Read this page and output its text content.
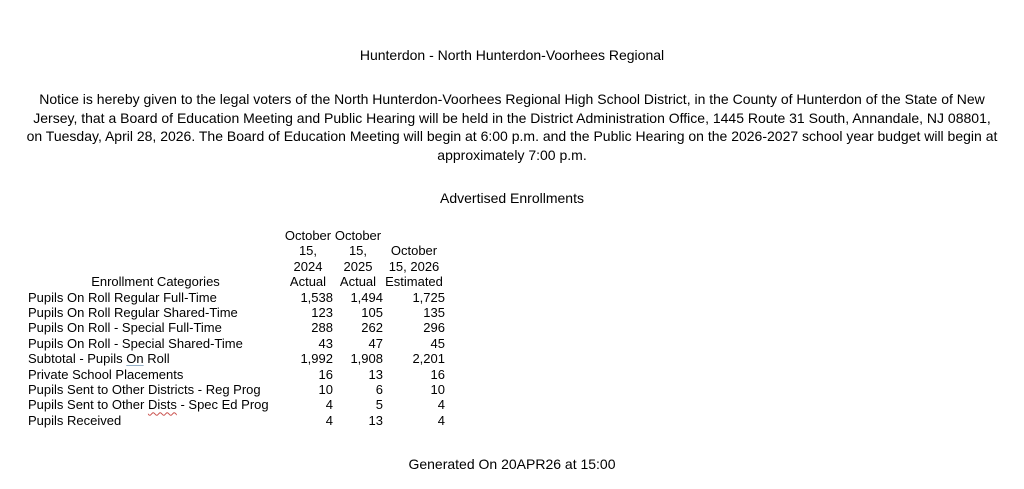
Hunterdon - North Hunterdon-Voorhees Regional

Notice is hereby given to the legal voters of the North Hunterdon-Voorhees Regional High School District, in the County of Hunterdon of the State of New Jersey, that a Board of Education Meeting and Public Hearing will be held in the District Administration Office, 1445 Route 31 South, Annandale, NJ 08801, on Tuesday, April 28, 2026. The Board of Education Meeting will begin at 6:00 p.m. and the Public Hearing on the 2026-2027 school year budget will begin at approximately 7:00 p.m.

Advertised Enrollments
Enrollment Categories	October 15, 2024 Actual	October 15, 2025 Actual	October 15, 2026 Estimated
Pupils On Roll Regular Full-Time	1,538	1,494	1,725
Pupils On Roll Regular Shared-Time	123	105	135
Pupils On Roll - Special Full-Time	288	262	296
Pupils On Roll - Special Shared-Time	43	47	45
Subtotal - Pupils On Roll	1,992	1,908	2,201
Private School Placements	16	13	16
Pupils Sent to Other Districts - Reg Prog	10	6	10
Pupils Sent to Other Dists - Spec Ed Prog	4	5	4
Pupils Received	4	13	4
Generated On 20APR26 at 15:00
